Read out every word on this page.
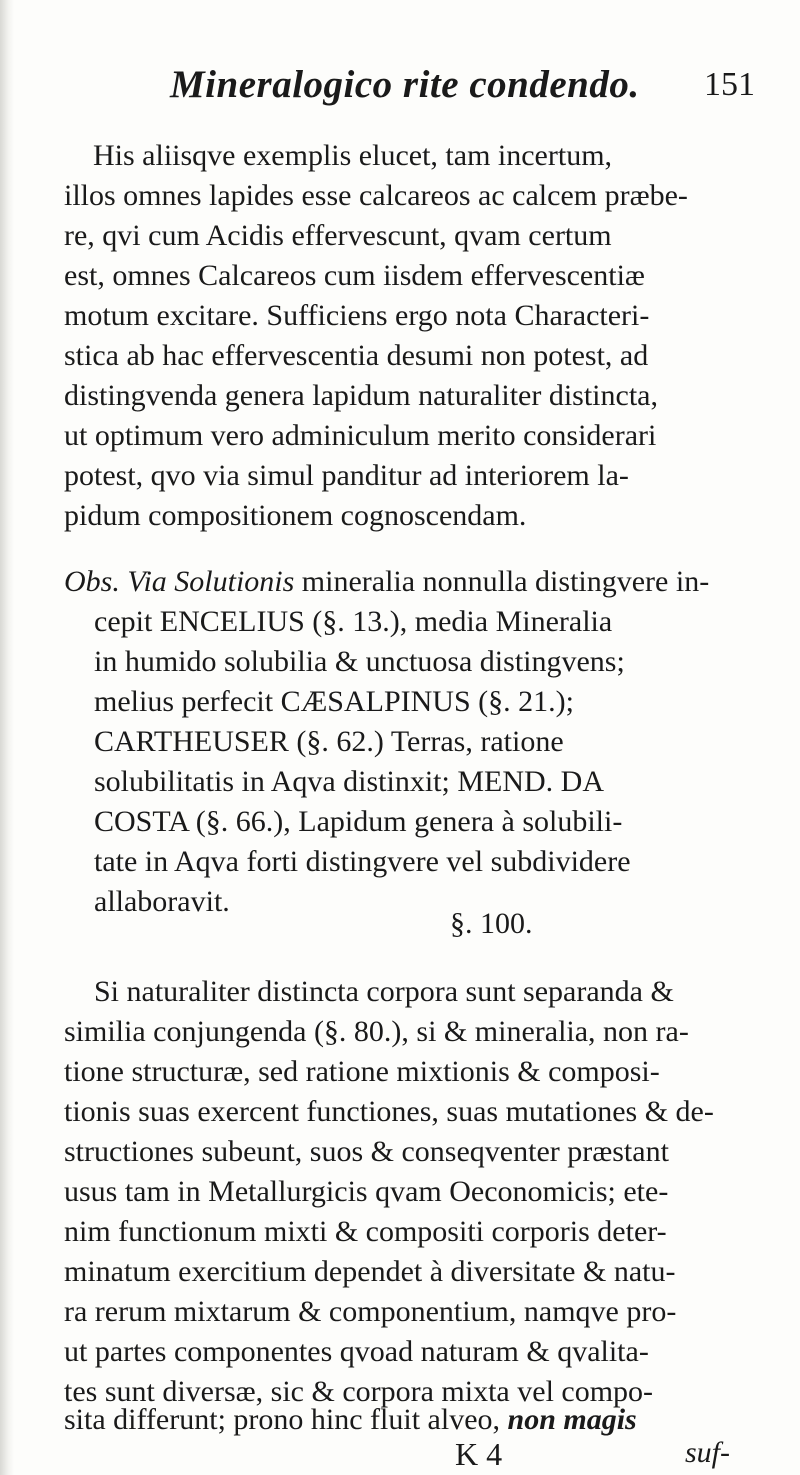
Mineralogico rite condendo. 151
His aliisqve exemplis elucet, tam incertum,
illos omnes lapides esse calcareos ac calcem præbe-
re, qvi cum Acidis effervescunt, qvam certum
est, omnes Calcareos cum iisdem effervescentiæ
motum excitare. Sufficiens ergo nota Characteri-
stica ab hac effervescentia desumi non potest, ad
distingvenda genera lapidum naturaliter distincta,
ut optimum vero adminiculum merito considerari
potest, qvo via simul panditur ad interiorem la-
pidum compositionem cognoscendam.
Obs. Via Solutionis mineralia nonnulla distingvere in-
cepit ENCELIUS (§. 13.), media Mineralia
in humido solubilia & unctuosa distingvens;
melius perfecit CÆSALPINUS (§. 21.);
CARTHEUSER (§. 62.) Terras, ratione
solubilitatis in Aqva distinxit; MEND. DA
COSTA (§. 66.), Lapidum genera à solubili-
tate in Aqva forti distingvere vel subdividere
allaboravit.
§. 100.
Si naturaliter distincta corpora sunt separanda &
similia conjungenda (§. 80.), si & mineralia, non ra-
tione structuræ, sed ratione mixtionis & composi-
tionis suas exercent functiones, suas mutationes & de-
structiones subeunt, suos & conseqventer præstant
usus tam in Metallurgicis qvam Oeconomicis; ete-
nim functionum mixti & compositi corporis deter-
minatum exercitium dependet à diversitate & natu-
ra rerum mixtarum & componentium, namqve pro-
ut partes componentes qvoad naturam & qvalita-
tes sunt diversæ, sic & corpora mixta vel compo-
sita differunt; prono hinc fluit alveo, non magis
K 4	suf-
